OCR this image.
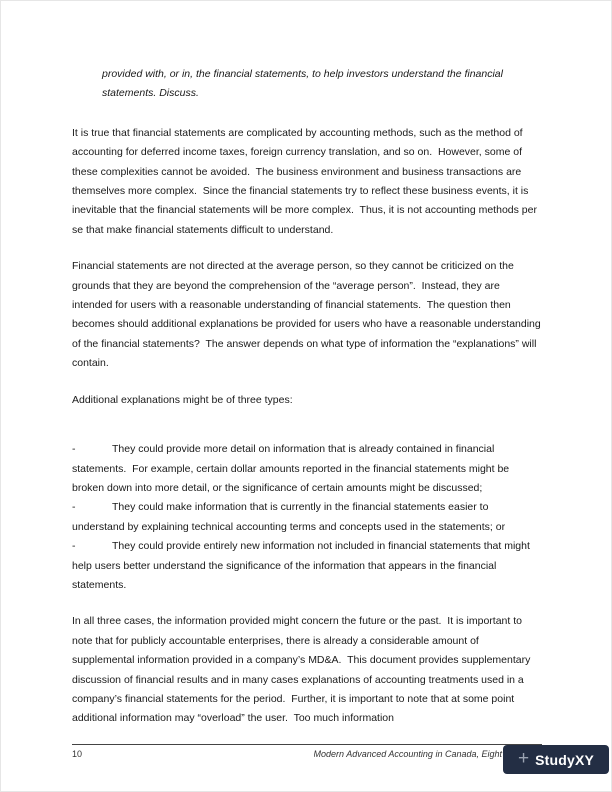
provided with, or in, the financial statements, to help investors understand the financial statements. Discuss.

It is true that financial statements are complicated by accounting methods, such as the method of accounting for deferred income taxes, foreign currency translation, and so on.  However, some of these complexities cannot be avoided.  The business environment and business transactions are themselves more complex.  Since the financial statements try to reflect these business events, it is inevitable that the financial statements will be more complex.  Thus, it is not accounting methods per se that make financial statements difficult to understand.

Financial statements are not directed at the average person, so they cannot be criticized on the grounds that they are beyond the comprehension of the “average person”.  Instead, they are intended for users with a reasonable understanding of financial statements.  The question then becomes should additional explanations be provided for users who have a reasonable understanding of the financial statements?  The answer depends on what type of information the “explanations” will contain.

Additional explanations might be of three types:

-	They could provide more detail on information that is already contained in financial statements.  For example, certain dollar amounts reported in the financial statements might be broken down into more detail, or the significance of certain amounts might be discussed;

-	They could make information that is currently in the financial statements easier to understand by explaining technical accounting terms and concepts used in the statements; or

-	They could provide entirely new information not included in financial statements that might help users better understand the significance of the information that appears in the financial statements.

In all three cases, the information provided might concern the future or the past.  It is important to note that for publicly accountable enterprises, there is already a considerable amount of supplemental information provided in a company’s MD&A.  This document provides supplementary discussion of financial results and in many cases explanations of accounting treatments used in a company’s financial statements for the period.  Further, it is important to note that at some point additional information may “overload” the user.  Too much information

10	Modern Advanced Accounting in Canada, Eight + StudyXY
